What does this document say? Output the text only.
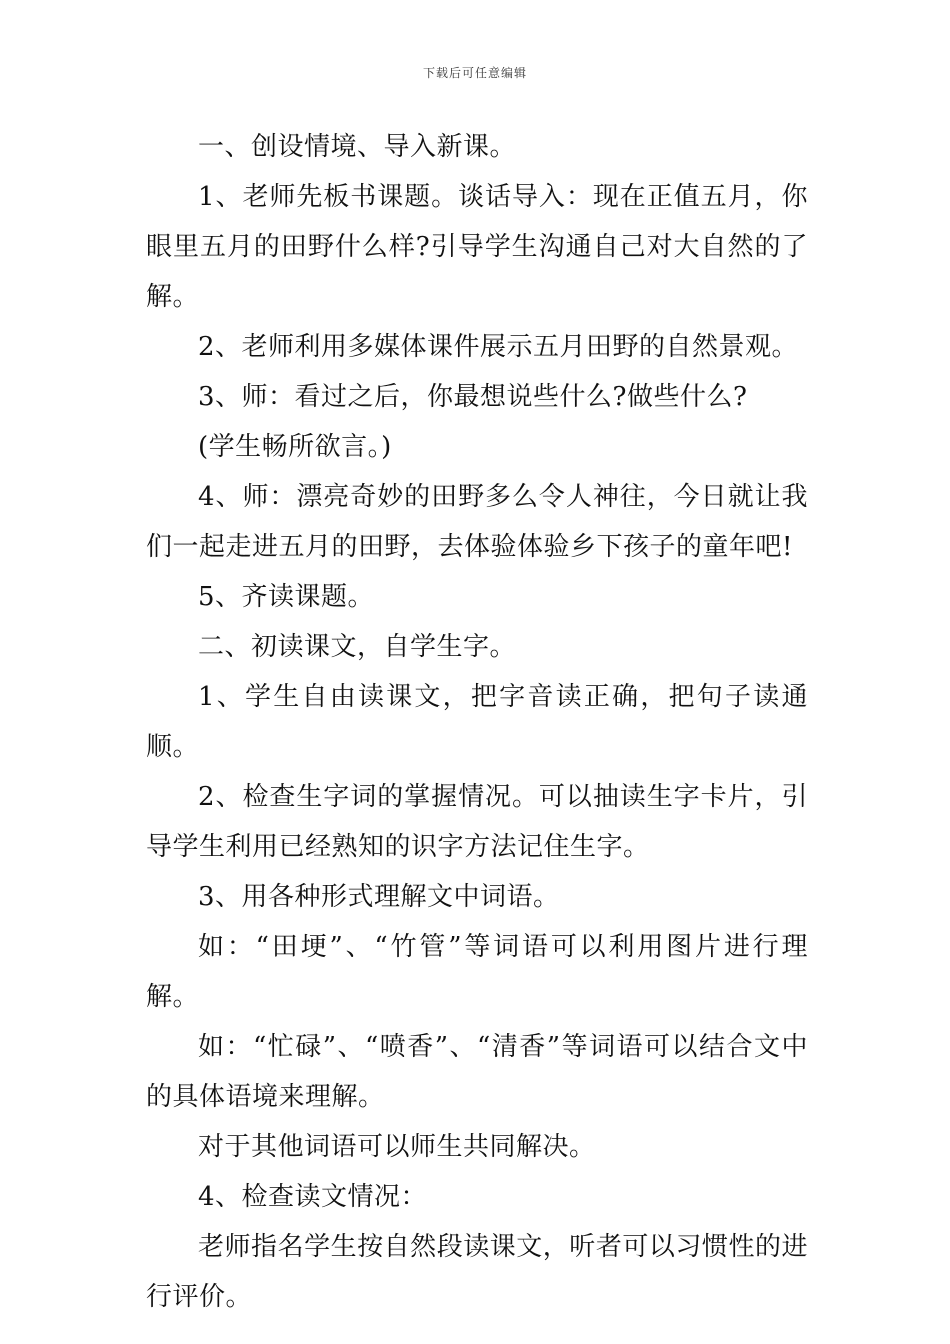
下载后可任意编辑

一、创设情境、导入新课。

1、老师先板书课题。谈话导入：现在正值五月，你眼里五月的田野什么样?引导学生沟通自己对大自然的了解。

2、老师利用多媒体课件展示五月田野的自然景观。

3、师：看过之后，你最想说些什么?做些什么?

(学生畅所欲言。)

4、师：漂亮奇妙的田野多么令人神往，今日就让我们一起走进五月的田野，去体验体验乡下孩子的童年吧!

5、齐读课题。

二、初读课文，自学生字。

1、学生自由读课文，把字音读正确，把句子读通顺。

2、检查生字词的掌握情况。可以抽读生字卡片，引导学生利用已经熟知的识字方法记住生字。

3、用各种形式理解文中词语。

如：“田埂”、“竹管”等词语可以利用图片进行理解。

如：“忙碌”、“喷香”、“清香”等词语可以结合文中的具体语境来理解。

对于其他词语可以师生共同解决。

4、检查读文情况：

老师指名学生按自然段读课文，听者可以习惯性的进行评价。
